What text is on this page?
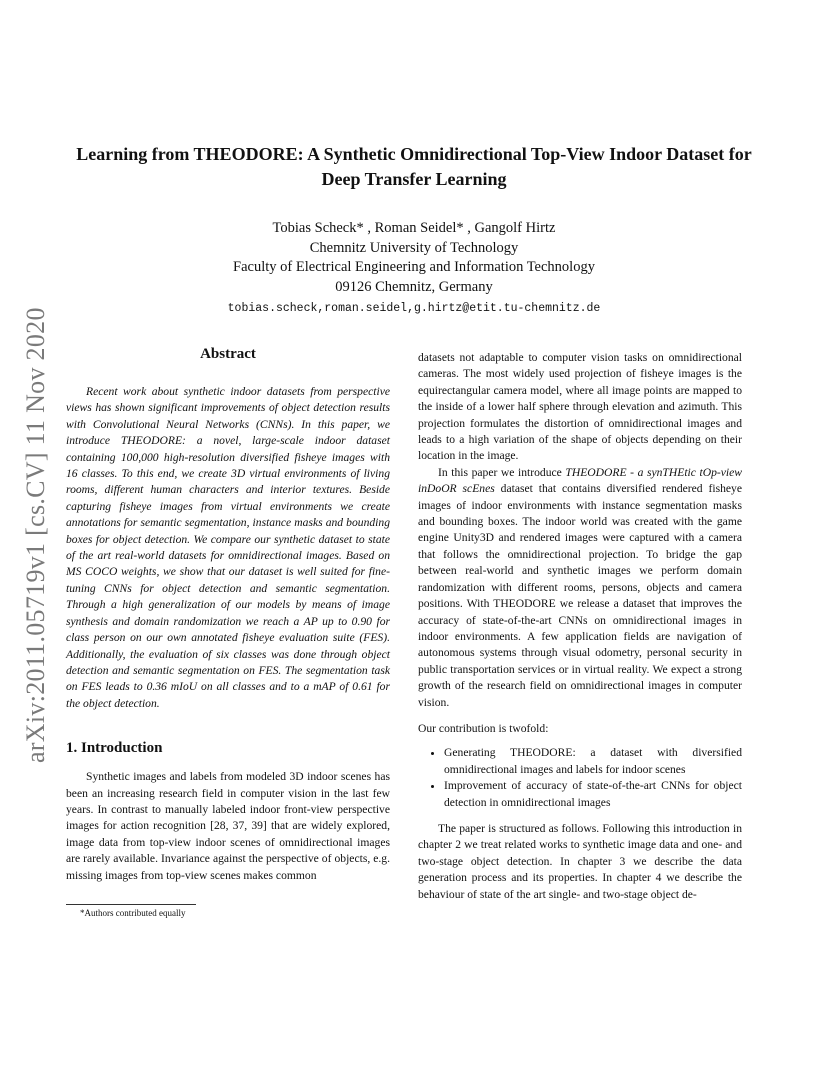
arXiv:2011.05719v1 [cs.CV] 11 Nov 2020
Learning from THEODORE: A Synthetic Omnidirectional Top-View Indoor Dataset for Deep Transfer Learning
Tobias Scheck* , Roman Seidel* , Gangolf Hirtz
Chemnitz University of Technology
Faculty of Electrical Engineering and Information Technology
09126 Chemnitz, Germany
tobias.scheck,roman.seidel,g.hirtz@etit.tu-chemnitz.de
Abstract

Recent work about synthetic indoor datasets from perspective views has shown significant improvements of object detection results with Convolutional Neural Networks (CNNs). In this paper, we introduce THEODORE: a novel, large-scale indoor dataset containing 100,000 high-resolution diversified fisheye images with 16 classes. To this end, we create 3D virtual environments of living rooms, different human characters and interior textures. Beside capturing fisheye images from virtual environments we create annotations for semantic segmentation, instance masks and bounding boxes for object detection. We compare our synthetic dataset to state of the art real-world datasets for omnidirectional images. Based on MS COCO weights, we show that our dataset is well suited for fine-tuning CNNs for object detection and semantic segmentation. Through a high generalization of our models by means of image synthesis and domain randomization we reach a AP up to 0.90 for class person on our own annotated fisheye evaluation suite (FES). Additionally, the evaluation of six classes was done through object detection and semantic segmentation on FES. The segmentation task on FES leads to 0.36 mIoU on all classes and to a mAP of 0.61 for the object detection.

1. Introduction

Synthetic images and labels from modeled 3D indoor scenes has been an increasing research field in computer vision in the last few years. In contrast to manually labeled indoor front-view perspective images for action recognition [28, 37, 39] that are widely explored, image data from top-view indoor scenes of omnidirectional images are rarely available. Invariance against the perspective of objects, e.g. missing images from top-view scenes makes common

*Authors contributed equally

datasets not adaptable to computer vision tasks on omnidirectional cameras. The most widely used projection of fisheye images is the equirectangular camera model, where all image points are mapped to the inside of a lower half sphere through elevation and azimuth. This projection formulates the distortion of omnidirectional images and leads to a high variation of the shape of objects depending on their location in the image.

In this paper we introduce THEODORE - a synTHEtic tOp-view inDoOR scEnes dataset that contains diversified rendered fisheye images of indoor environments with instance segmentation masks and bounding boxes. The indoor world was created with the game engine Unity3D and rendered images were captured with a camera that follows the omnidirectional projection. To bridge the gap between real-world and synthetic images we perform domain randomization with different rooms, persons, objects and camera positions. With THEODORE we release a dataset that improves the accuracy of state-of-the-art CNNs on omnidirectional images in indoor environments. A few application fields are navigation of autonomous systems through visual odometry, personal security in public transportation services or in virtual reality. We expect a strong growth of the research field on omnidirectional images in computer vision.

Our contribution is twofold:

• Generating THEODORE: a dataset with diversified omnidirectional images and labels for indoor scenes
• Improvement of accuracy of state-of-the-art CNNs for object detection in omnidirectional images

The paper is structured as follows. Following this introduction in chapter 2 we treat related works to synthetic image data and one- and two-stage object detection. In chapter 3 we describe the data generation process and its properties. In chapter 4 we describe the behaviour of state of the art single- and two-stage object de-
